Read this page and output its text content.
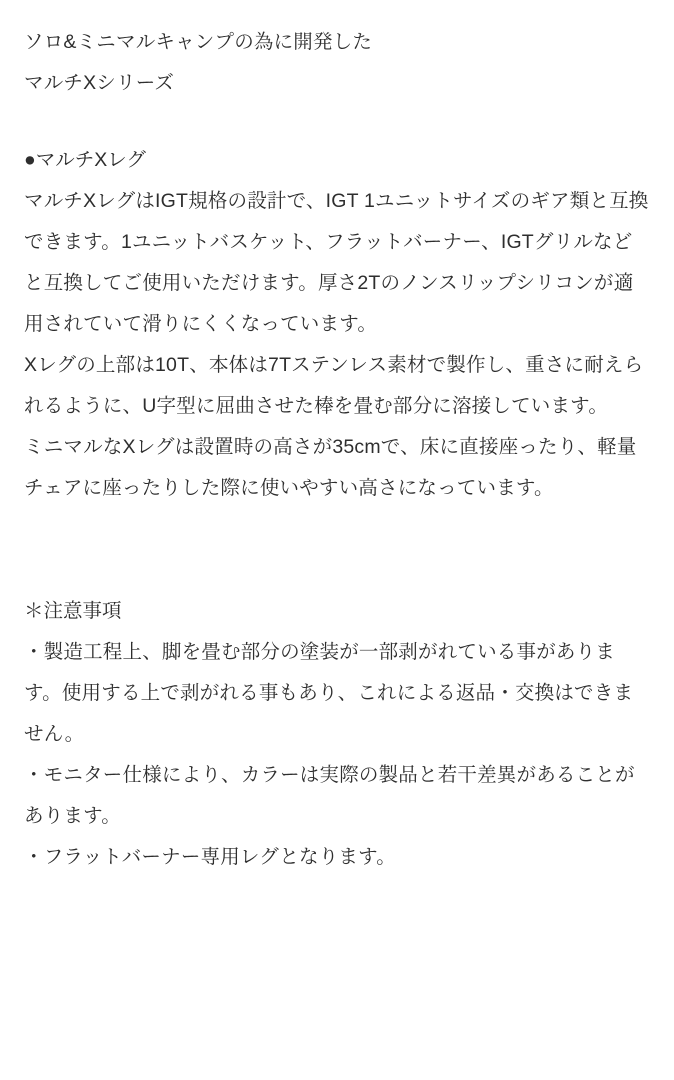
ソロ&ミニマルキャンプの為に開発した
マルチXシリーズ

●マルチXレグ

マルチXレグはIGT規格の設計で、IGT 1ユニットサイズのギア類と互換できます。1ユニットバスケット、フラットバーナー、IGTグリルなどと互換してご使用いただけます。厚さ2Tのノンスリップシリコンが適用されていて滑りにくくなっています。

Xレグの上部は10T、本体は7Tステンレス素材で製作し、重さに耐えられるように、U字型に屈曲させた棒を畳む部分に溶接しています。

ミニマルなXレグは設置時の高さが35cmで、床に直接座ったり、軽量チェアに座ったりした際に使いやすい高さになっています。

＊注意事項

・製造工程上、脚を畳む部分の塗装が一部剥がれている事があります。使用する上で剥がれる事もあり、これによる返品・交換はできません。

・モニター仕様により、カラーは実際の製品と若干差異があることがあります。

・フラットバーナー専用レグとなります。
